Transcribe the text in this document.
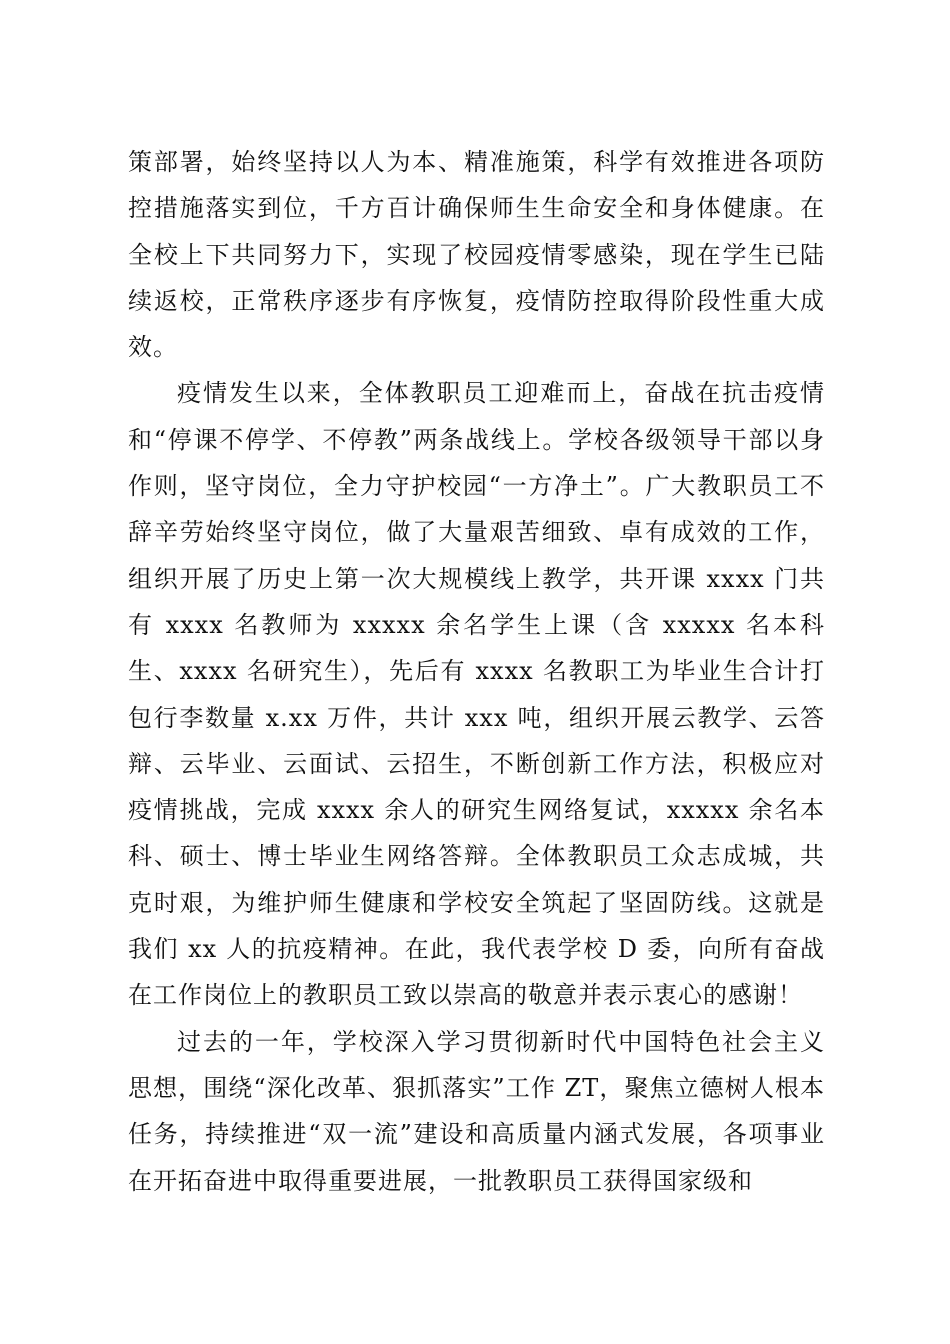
策部署，始终坚持以人为本、精准施策，科学有效推进各项防控措施落实到位，千方百计确保师生生命安全和身体健康。在全校上下共同努力下，实现了校园疫情零感染，现在学生已陆续返校，正常秩序逐步有序恢复，疫情防控取得阶段性重大成效。

疫情发生以来，全体教职员工迎难而上，奋战在抗击疫情和“停课不停学、不停教”两条战线上。学校各级领导干部以身作则，坚守岗位，全力守护校园“一方净土”。广大教职员工不辞辛劳始终坚守岗位，做了大量艰苦细致、卓有成效的工作，组织开展了历史上第一次大规模线上教学，共开课 xxxx 门共有 xxxx 名教师为 xxxxx 余名学生上课（含 xxxxx 名本科生、xxxx 名研究生），先后有 xxxx 名教职工为毕业生合计打包行李数量 x.xx 万件，共计 xxx 吨，组织开展云教学、云答辩、云毕业、云面试、云招生，不断创新工作方法，积极应对疫情挑战，完成 xxxx 余人的研究生网络复试，xxxxx 余名本科、硕士、博士毕业生网络答辩。全体教职员工众志成城，共克时艰，为维护师生健康和学校安全筑起了坚固防线。这就是我们 xx 人的抗疫精神。在此，我代表学校 D 委，向所有奋战在工作岗位上的教职员工致以崇高的敬意并表示衷心的感谢！

过去的一年，学校深入学习贯彻新时代中国特色社会主义思想，围绕“深化改革、狠抓落实”工作 ZT，聚焦立德树人根本任务，持续推进“双一流”建设和高质量内涵式发展，各项事业在开拓奋进中取得重要进展，一批教职员工获得国家级和
